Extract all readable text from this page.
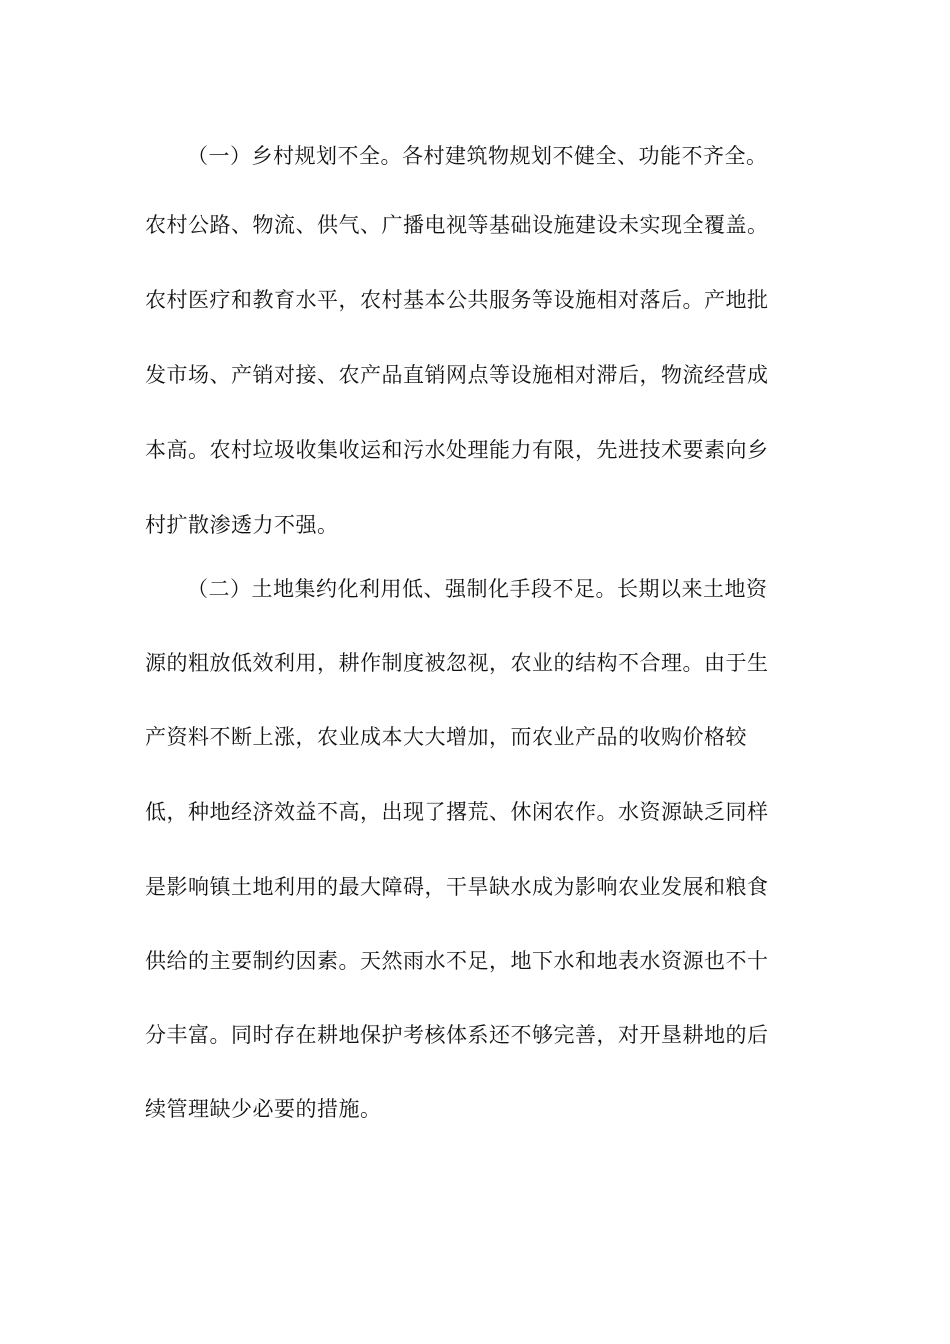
（一）乡村规划不全。各村建筑物规划不健全、功能不齐全。
农村公路、物流、供气、广播电视等基础设施建设未实现全覆盖。
农村医疗和教育水平，农村基本公共服务等设施相对落后。产地批
发市场、产销对接、农产品直销网点等设施相对滞后，物流经营成
本高。农村垃圾收集收运和污水处理能力有限，先进技术要素向乡
村扩散渗透力不强。
（二）土地集约化利用低、强制化手段不足。长期以来土地资
源的粗放低效利用，耕作制度被忽视，农业的结构不合理。由于生
产资料不断上涨，农业成本大大增加，而农业产品的收购价格较
低，种地经济效益不高，出现了撂荒、休闲农作。水资源缺乏同样
是影响镇土地利用的最大障碍，干旱缺水成为影响农业发展和粮食
供给的主要制约因素。天然雨水不足，地下水和地表水资源也不十
分丰富。同时存在耕地保护考核体系还不够完善，对开垦耕地的后
续管理缺少必要的措施。
